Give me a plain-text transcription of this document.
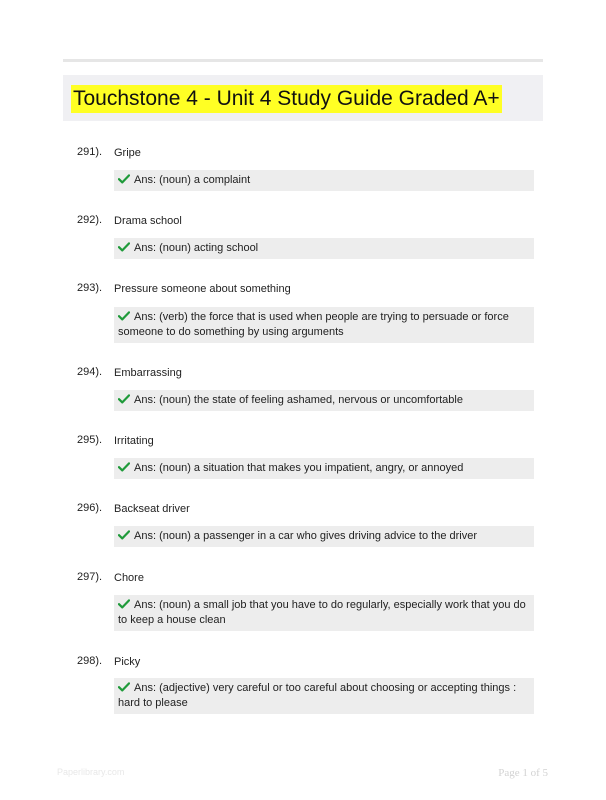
Touchstone 4 - Unit 4 Study Guide Graded A+
291). Gripe
Ans: (noun) a complaint
292). Drama school
Ans: (noun) acting school
293). Pressure someone about something
Ans: (verb) the force that is used when people are trying to persuade or force someone to do something by using arguments
294). Embarrassing
Ans: (noun) the state of feeling ashamed, nervous or uncomfortable
295). Irritating
Ans: (noun) a situation that makes you impatient, angry, or annoyed
296). Backseat driver
Ans: (noun) a passenger in a car who gives driving advice to the driver
297). Chore
Ans: (noun) a small job that you have to do regularly, especially work that you do to keep a house clean
298). Picky
Ans: (adjective) very careful or too careful about choosing or accepting things : hard to please
Paperlibrary.com	Page 1 of 5
